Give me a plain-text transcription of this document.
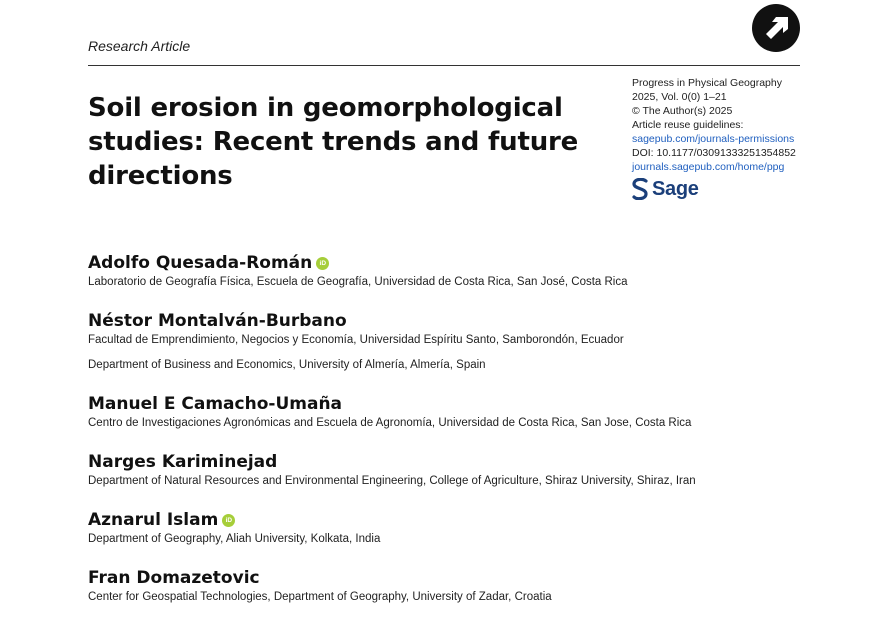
Research Article
Soil erosion in geomorphological studies: Recent trends and future directions
Progress in Physical Geography
2025, Vol. 0(0) 1–21
© The Author(s) 2025
Article reuse guidelines:
sagepub.com/journals-permissions
DOI: 10.1177/03091333251354852
journals.sagepub.com/home/ppg
Sage
Adolfo Quesada-Román	iD
Laboratorio de Geografía Física, Escuela de Geografía, Universidad de Costa Rica, San José, Costa Rica
Néstor Montalván-Burbano
Facultad de Emprendimiento, Negocios y Economía, Universidad Espíritu Santo, Samborondón, Ecuador
Department of Business and Economics, University of Almería, Almería, Spain
Manuel E Camacho-Umaña
Centro de Investigaciones Agronómicas and Escuela de Agronomía, Universidad de Costa Rica, San Jose, Costa Rica
Narges Kariminejad
Department of Natural Resources and Environmental Engineering, College of Agriculture, Shiraz University, Shiraz, Iran
Aznarul Islam	iD
Department of Geography, Aliah University, Kolkata, India
Fran Domazetovic
Center for Geospatial Technologies, Department of Geography, University of Zadar, Croatia
